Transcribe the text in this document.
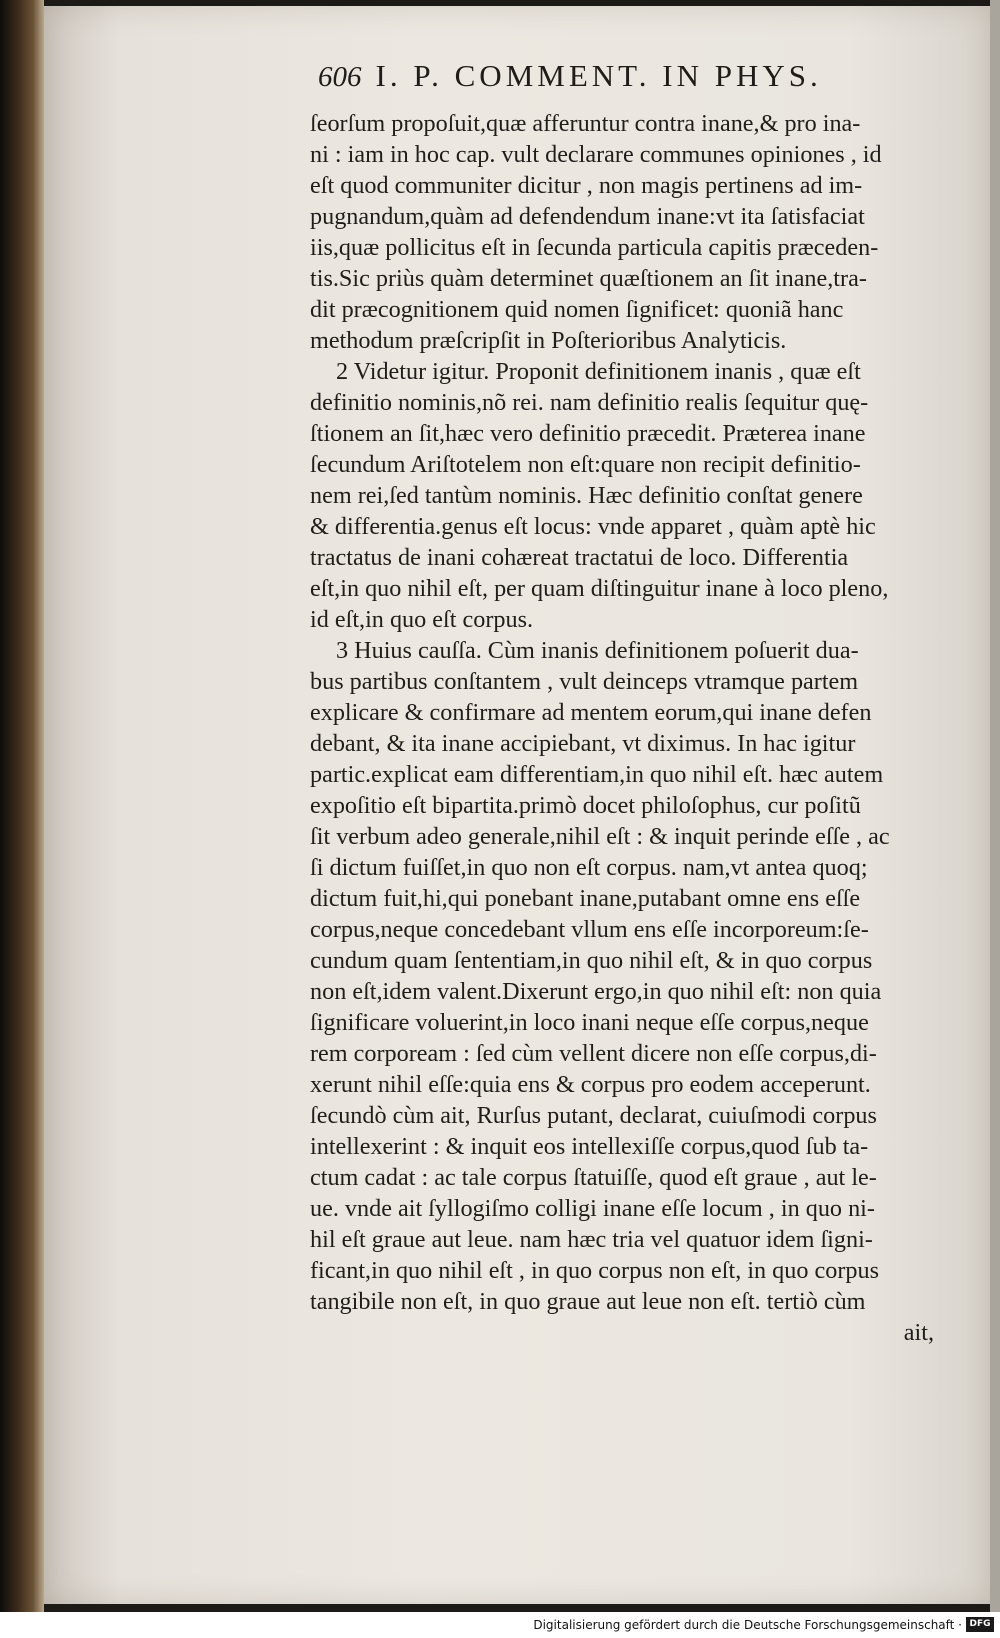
606 I. P. COMMENT. IN PHYS.
ſeorſum propoſuit,quæ afferuntur contra inane,& pro ina-
ni : iam in hoc cap. vult declarare communes opiniones , id
eſt quod communiter dicitur , non magis pertinens ad im-
pugnandum,quàm ad defendendum inane:vt ita ſatisfaciat
iis,quæ pollicitus eſt in ſecunda particula capitis præceden-
tis.Sic priùs quàm determinet quæſtionem an ſit inane,tra-
dit præcognitionem quid nomen ſignificet: quoniã hanc
methodum præſcripſit in Poſterioribus Analyticis.
2 Videtur igitur. Proponit definitionem inanis , quæ eſt
definitio nominis,nõ rei. nam definitio realis ſequitur quę-
ſtionem an ſit,hæc vero definitio præcedit. Præterea inane
ſecundum Ariſtotelem non eſt:quare non recipit definitio-
nem rei,ſed tantùm nominis. Hæc definitio conſtat genere
& differentia.genus eſt locus: vnde apparet , quàm aptè hic
tractatus de inani cohæreat tractatui de loco. Differentia
eſt,in quo nihil eſt, per quam diſtinguitur inane à loco pleno,
id eſt,in quo eſt corpus.
3 Huius cauſſa. Cùm inanis definitionem poſuerit dua-
bus partibus conſtantem , vult deinceps vtramque partem
explicare & confirmare ad mentem eorum,qui inane defen
debant, & ita inane accipiebant, vt diximus. In hac igitur
partic.explicat eam differentiam,in quo nihil eſt. hæc autem
expoſitio eſt bipartita.primò docet philoſophus, cur poſitũ
ſit verbum adeo generale,nihil eſt : & inquit perinde eſſe , ac
ſi dictum fuiſſet,in quo non eſt corpus. nam,vt antea quoq;
dictum fuit,hi,qui ponebant inane,putabant omne ens eſſe
corpus,neque concedebant vllum ens eſſe incorporeum:ſe-
cundum quam ſententiam,in quo nihil eſt, & in quo corpus
non eſt,idem valent.Dixerunt ergo,in quo nihil eſt: non quia
ſignificare voluerint,in loco inani neque eſſe corpus,neque
rem corpoream : ſed cùm vellent dicere non eſſe corpus,di-
xerunt nihil eſſe:quia ens & corpus pro eodem acceperunt.
ſecundò cùm ait, Rurſus putant, declarat, cuiuſmodi corpus
intellexerint : & inquit eos intellexiſſe corpus,quod ſub ta-
ctum cadat : ac tale corpus ſtatuiſſe, quod eſt graue , aut le-
ue. vnde ait ſyllogiſmo colligi inane eſſe locum , in quo ni-
hil eſt graue aut leue. nam hæc tria vel quatuor idem ſigni-
ficant,in quo nihil eſt , in quo corpus non eſt, in quo corpus
tangibile non eſt, in quo graue aut leue non eſt. tertiò cùm
ait,
Digitalisierung gefördert durch die Deutsche Forschungsgemeinschaft · DFG
